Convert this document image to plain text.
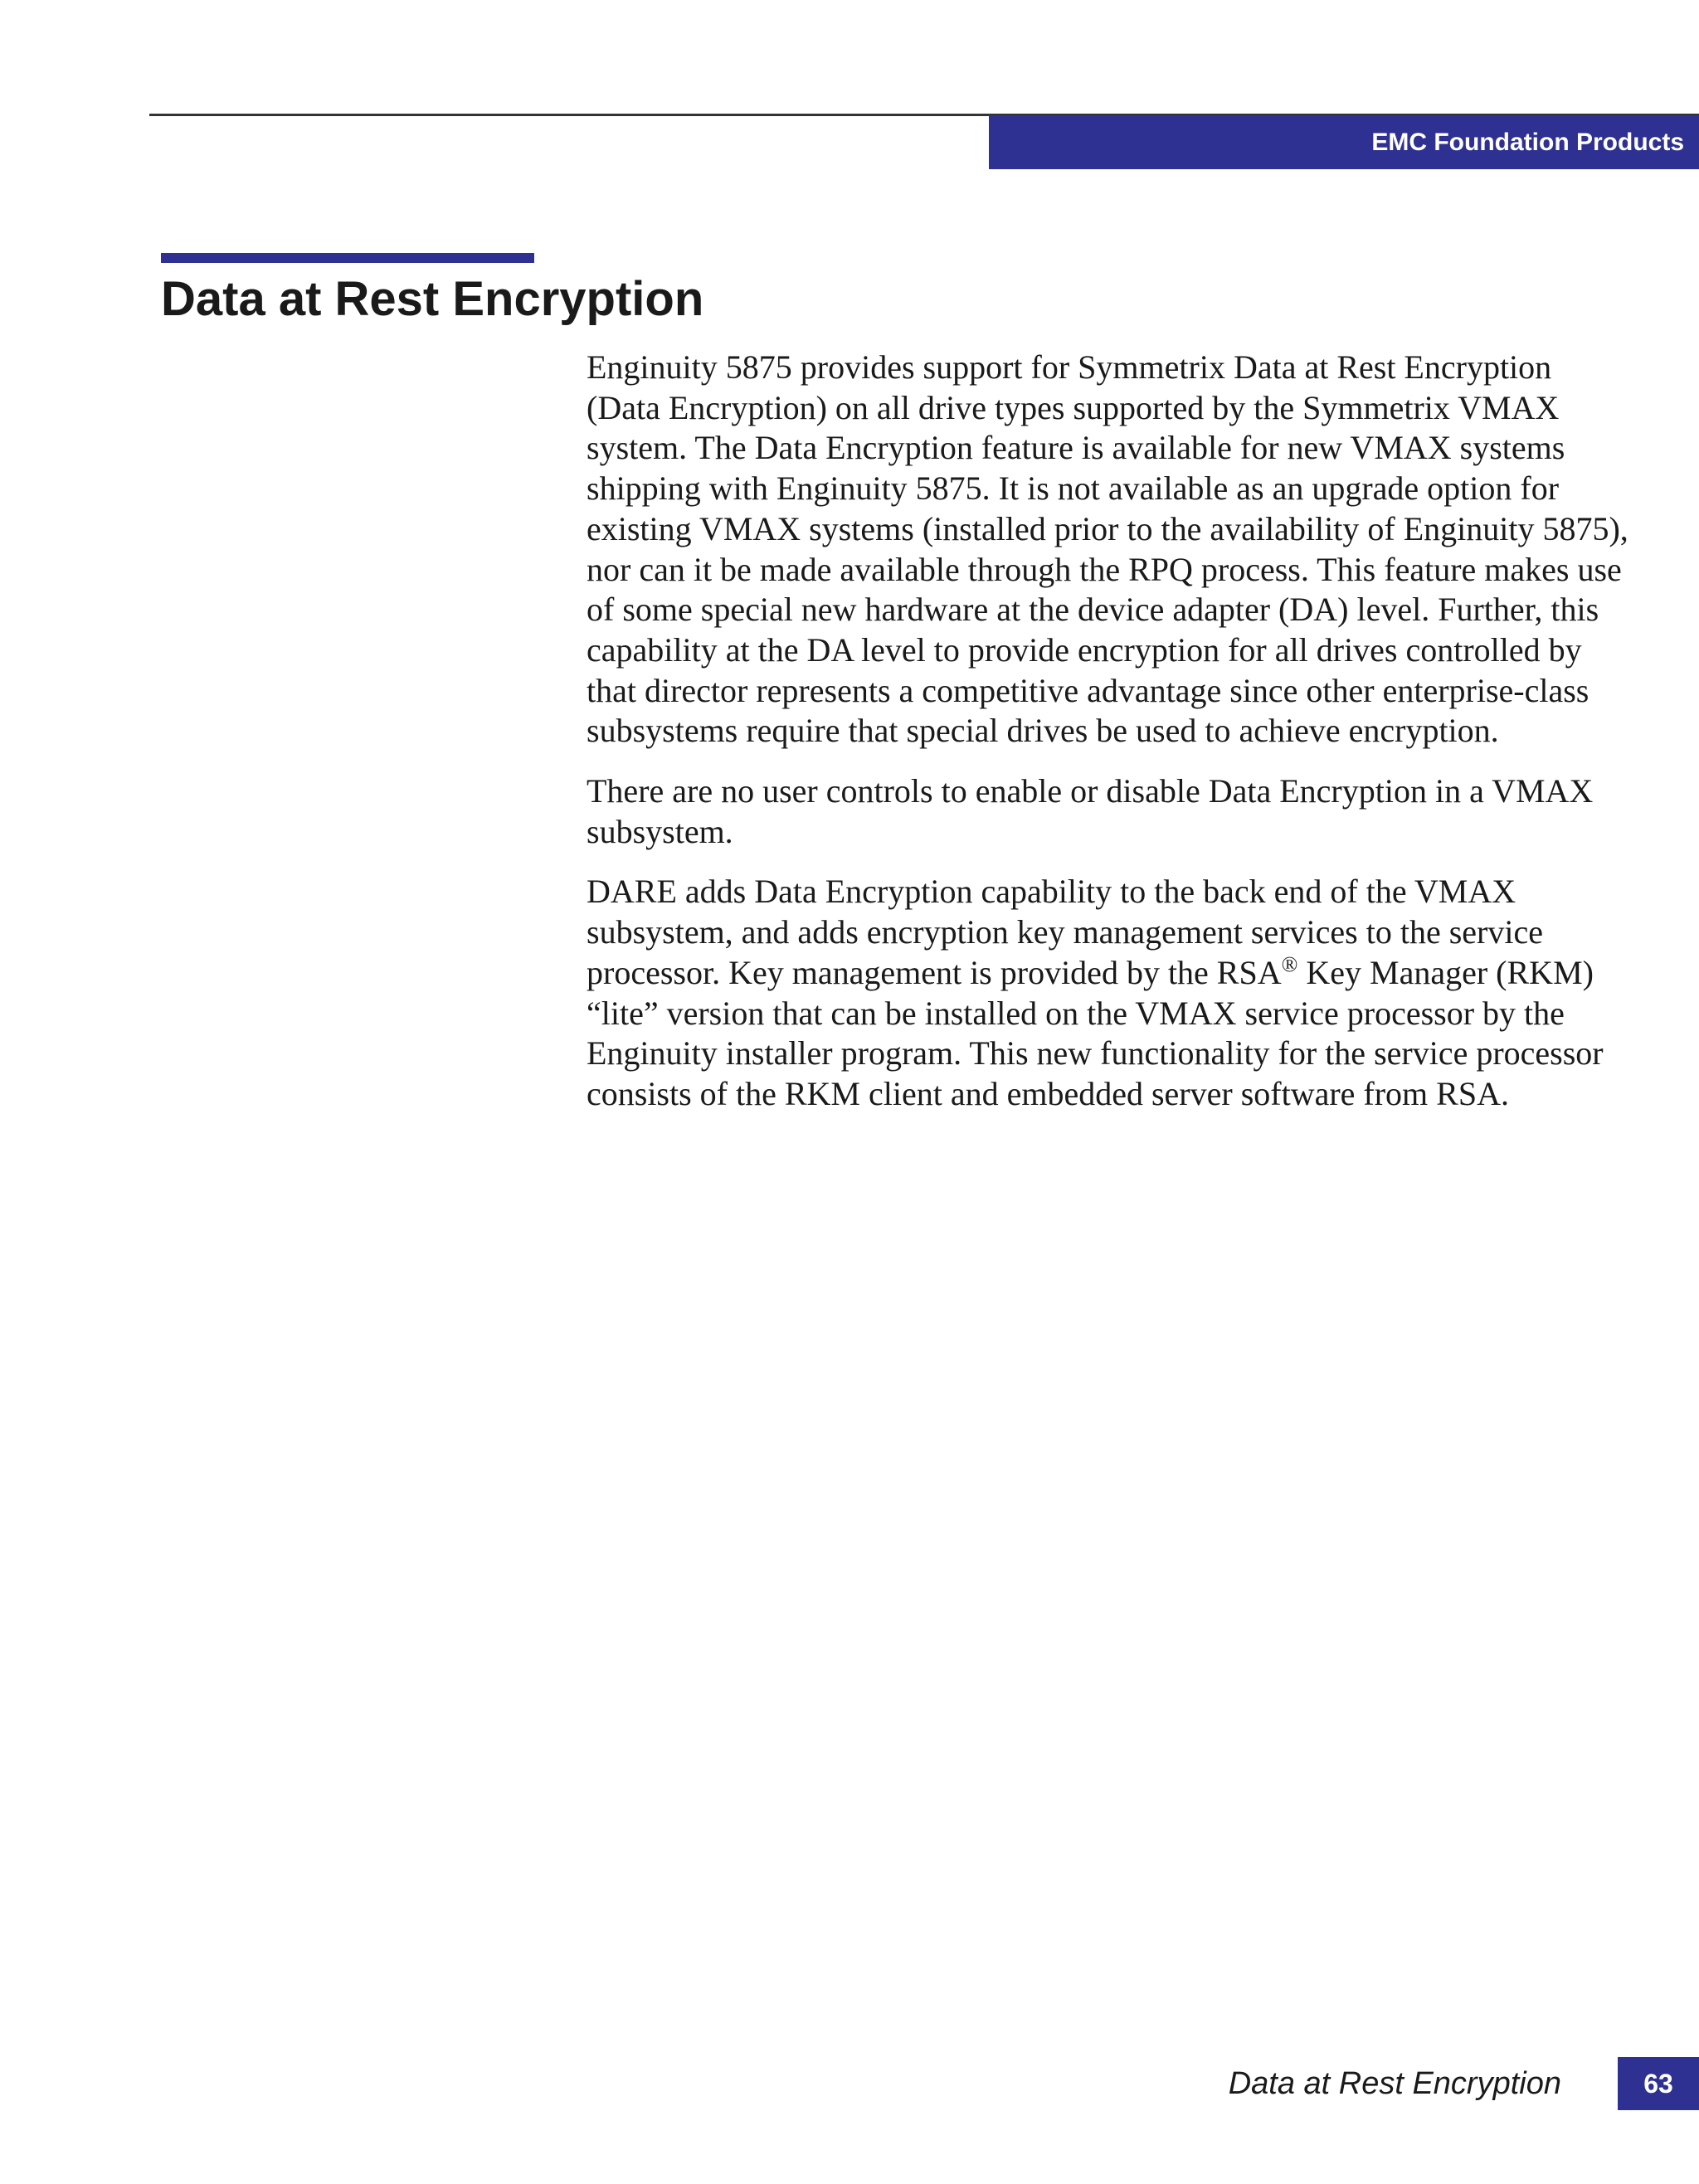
EMC Foundation Products
Data at Rest Encryption

Enginuity 5875 provides support for Symmetrix Data at Rest Encryption (Data Encryption) on all drive types supported by the Symmetrix VMAX system. The Data Encryption feature is available for new VMAX systems shipping with Enginuity 5875. It is not available as an upgrade option for existing VMAX systems (installed prior to the availability of Enginuity 5875), nor can it be made available through the RPQ process. This feature makes use of some special new hardware at the device adapter (DA) level. Further, this capability at the DA level to provide encryption for all drives controlled by that director represents a competitive advantage since other enterprise-class subsystems require that special drives be used to achieve encryption.

There are no user controls to enable or disable Data Encryption in a VMAX subsystem.

DARE adds Data Encryption capability to the back end of the VMAX subsystem, and adds encryption key management services to the service processor. Key management is provided by the RSA® Key Manager (RKM) “lite” version that can be installed on the VMAX service processor by the Enginuity installer program. This new functionality for the service processor consists of the RKM client and embedded server software from RSA.

Data at Rest Encryption	63
